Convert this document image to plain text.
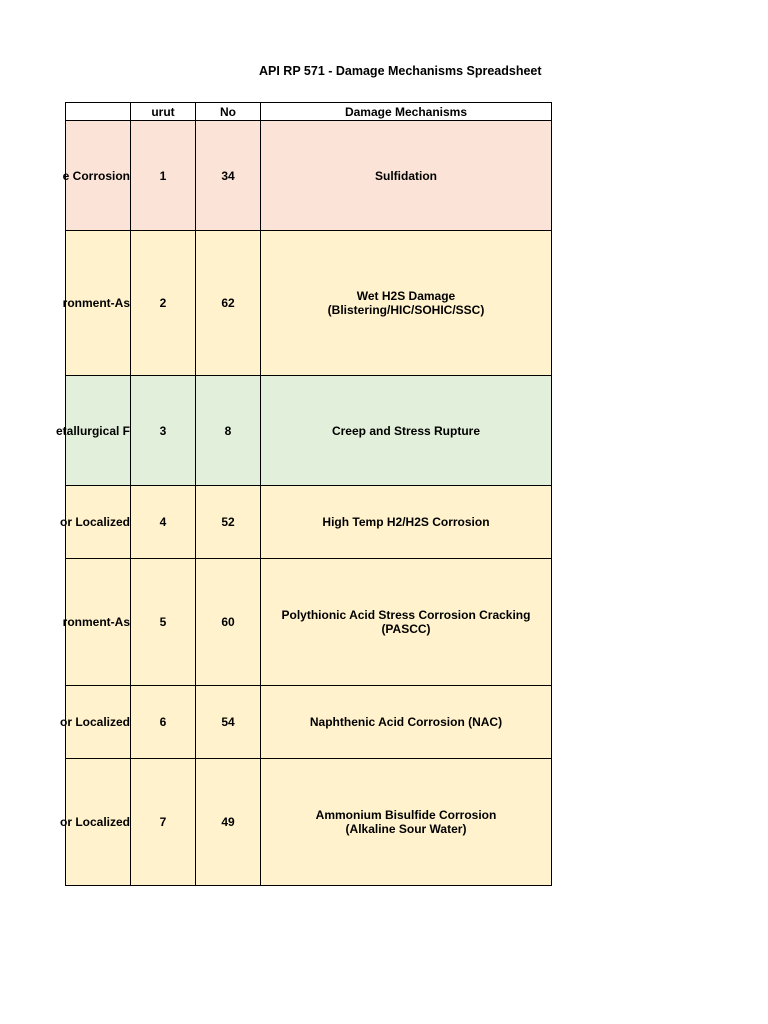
API RP 571 - Damage Mechanisms Spreadsheet
	urut	No	Damage Mechanisms

e Corrosion	1	34	Sulfidation

ronment-As	2	62	Wet H2S Damage
(Blistering/HIC/SOHIC/SSC)

etallurgical F	3	8	Creep and Stress Rupture

or Localized	4	52	High Temp H2/H2S Corrosion

ronment-As	5	60	Polythionic Acid Stress Corrosion Cracking
(PASCC)

or Localized	6	54	Naphthenic Acid Corrosion (NAC)

or Localized	7	49	Ammonium Bisulfide Corrosion
(Alkaline Sour Water)
